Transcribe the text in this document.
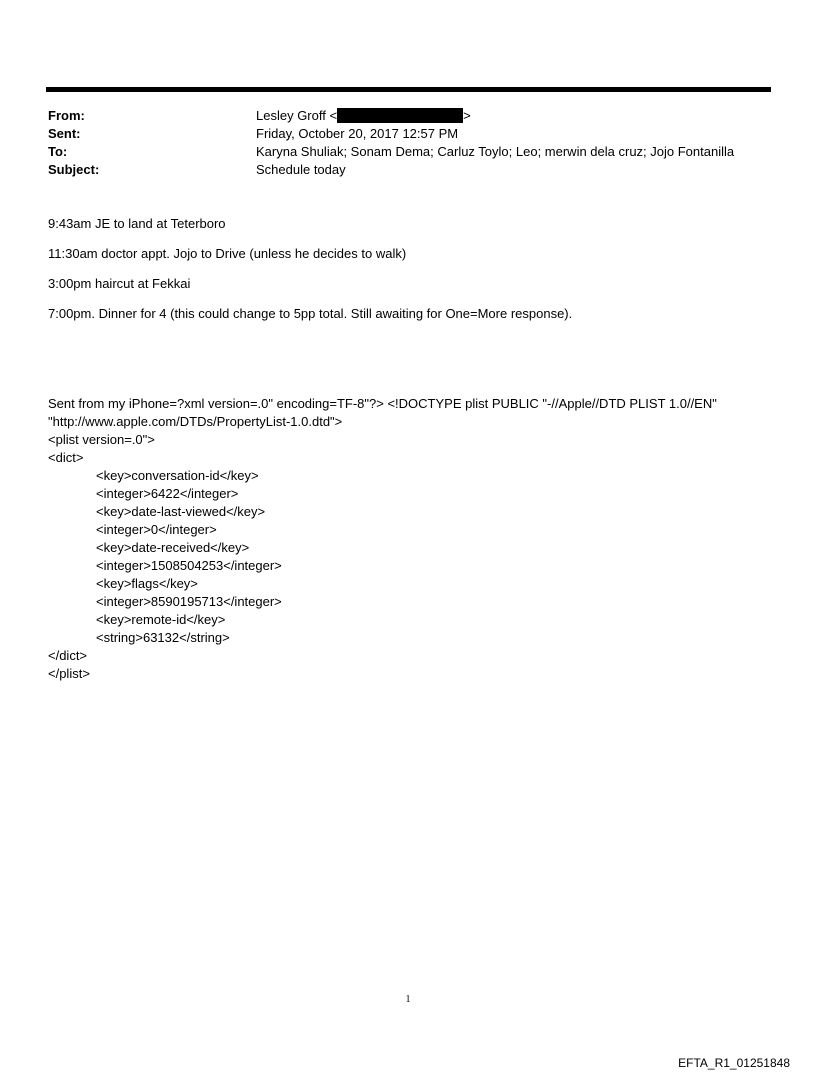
From:	Lesley Groff <	>
Sent:	Friday, October 20, 2017 12:57 PM
To:	Karyna Shuliak; Sonam Dema; Carluz Toylo; Leo; merwin dela cruz; Jojo Fontanilla
Subject:	Schedule today

9:43am JE to land at Teterboro

11:30am doctor appt. Jojo to Drive (unless he decides to walk)

3:00pm haircut at Fekkai

7:00pm. Dinner for 4 (this could change to 5pp total. Still awaiting for One=More response).

Sent from my iPhone=?xml version=.0" encoding=TF-8"?> <!DOCTYPE plist PUBLIC "-//Apple//DTD PLIST 1.0//EN"
"http://www.apple.com/DTDs/PropertyList-1.0.dtd">
<plist version=.0">
<dict>
<key>conversation-id</key>
<integer>6422</integer>
<key>date-last-viewed</key>
<integer>0</integer>
<key>date-received</key>
<integer>1508504253</integer>
<key>flags</key>
<integer>8590195713</integer>
<key>remote-id</key>
<string>63132</string>
</dict>
</plist>
1
EFTA_R1_01251848
